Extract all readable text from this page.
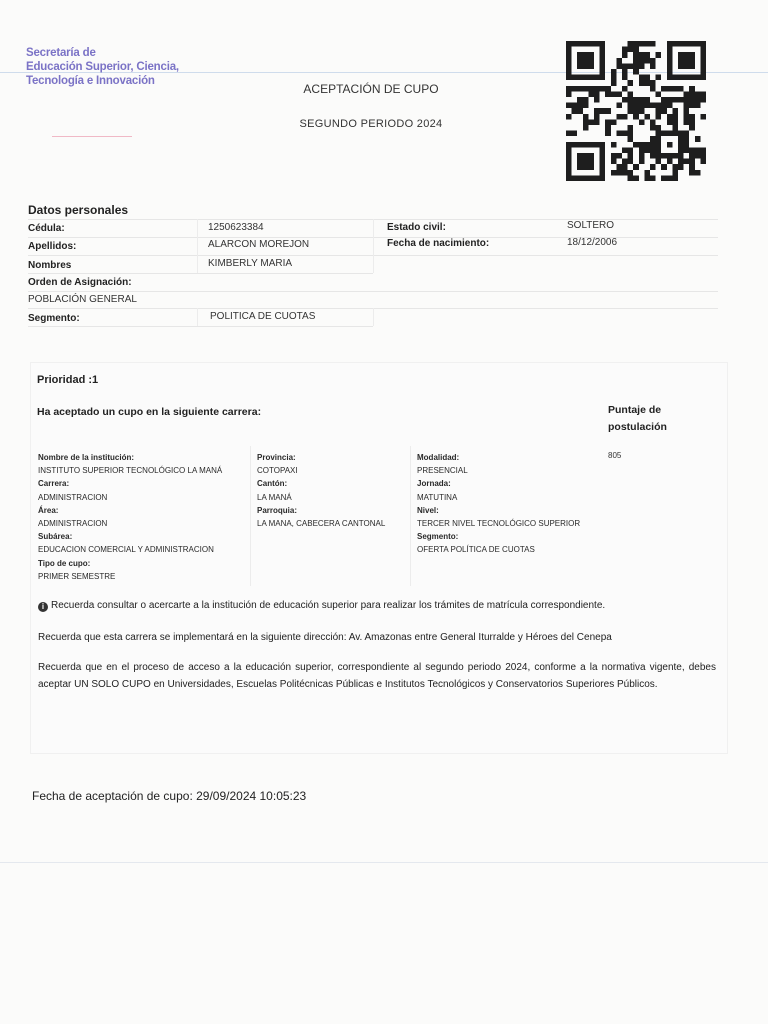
Secretaría de
Educación Superior, Ciencia,
Tecnología e Innovación
ACEPTACIÓN DE CUPO
SEGUNDO PERIODO 2024
Datos personales
Cédula:	1250623384	Estado civil:	SOLTERO
Apellidos:	ALARCON MOREJON	Fecha de nacimiento:	18/12/2006
Nombres	KIMBERLY MARIA
Orden de Asignación:
POBLACIÓN GENERAL
Segmento:	POLITICA DE CUOTAS
Prioridad :1
Ha aceptado un cupo en la siguiente carrera:	Puntaje de
postulación
805
Nombre de la institución:
INSTITUTO SUPERIOR TECNOLÓGICO LA MANÁ
Carrera:
ADMINISTRACION
Área:
ADMINISTRACION
Subárea:
EDUCACION COMERCIAL Y ADMINISTRACION
Tipo de cupo:
PRIMER SEMESTRE
Provincia:
COTOPAXI
Cantón:
LA MANÁ
Parroquia:
LA MANA, CABECERA CANTONAL
Modalidad:
PRESENCIAL
Jornada:
MATUTINA
Nivel:
TERCER NIVEL TECNOLÓGICO SUPERIOR
Segmento:
OFERTA POLÍTICA DE CUOTAS
i Recuerda consultar o acercarte a la institución de educación superior para realizar los trámites de matrícula correspondiente.
Recuerda que esta carrera se implementará en la siguiente dirección: Av. Amazonas entre General Iturralde y Héroes del Cenepa
Recuerda que en el proceso de acceso a la educación superior, correspondiente al segundo periodo 2024, conforme a la normativa vigente, debes aceptar UN SOLO CUPO en Universidades, Escuelas Politécnicas Públicas e Institutos Tecnológicos y Conservatorios Superiores Públicos.
Fecha de aceptación de cupo: 29/09/2024 10:05:23
